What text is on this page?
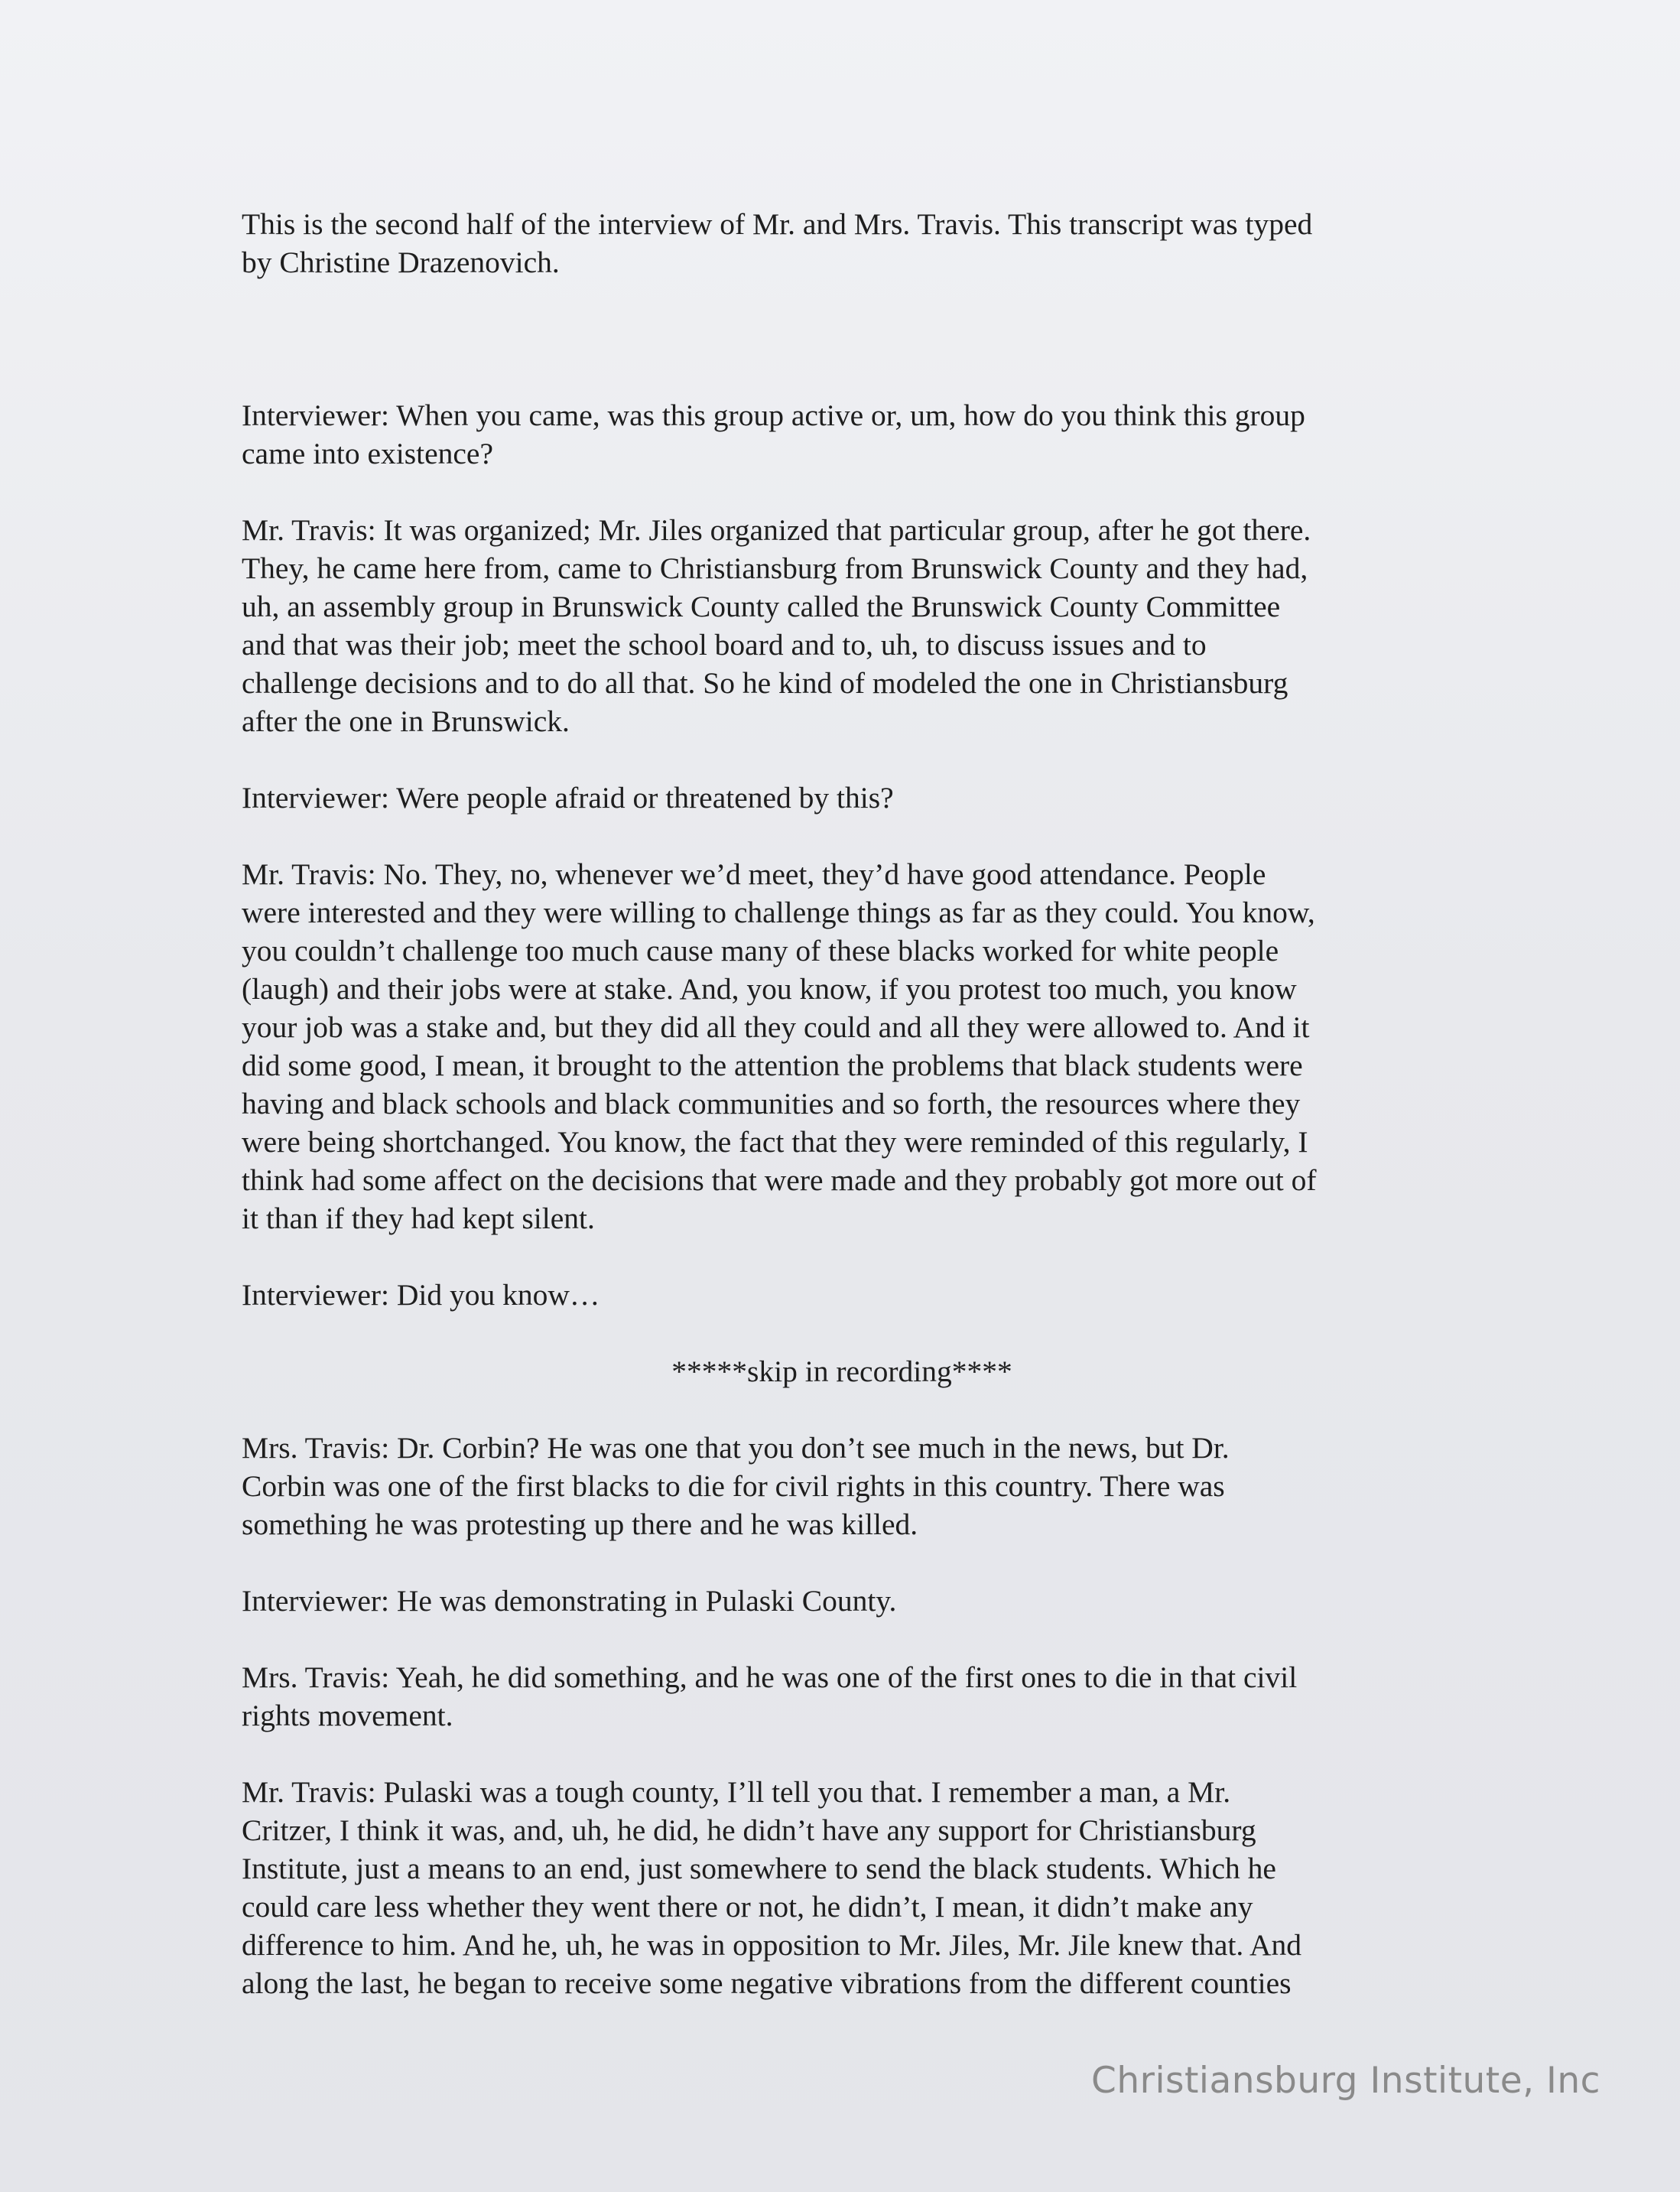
This is the second half of the interview of Mr. and Mrs. Travis. This transcript was typed
by Christine Drazenovich.

Interviewer: When you came, was this group active or, um, how do you think this group
came into existence?

Mr. Travis: It was organized; Mr. Jiles organized that particular group, after he got there.
They, he came here from, came to Christiansburg from Brunswick County and they had,
uh, an assembly group in Brunswick County called the Brunswick County Committee
and that was their job; meet the school board and to, uh, to discuss issues and to
challenge decisions and to do all that. So he kind of modeled the one in Christiansburg
after the one in Brunswick.

Interviewer: Were people afraid or threatened by this?

Mr. Travis: No. They, no, whenever we’d meet, they’d have good attendance. People
were interested and they were willing to challenge things as far as they could. You know,
you couldn’t challenge too much cause many of these blacks worked for white people
(laugh) and their jobs were at stake. And, you know, if you protest too much, you know
your job was a stake and, but they did all they could and all they were allowed to. And it
did some good, I mean, it brought to the attention the problems that black students were
having and black schools and black communities and so forth, the resources where they
were being shortchanged. You know, the fact that they were reminded of this regularly, I
think had some affect on the decisions that were made and they probably got more out of
it than if they had kept silent.

Interviewer: Did you know…

*****skip in recording****

Mrs. Travis: Dr. Corbin? He was one that you don’t see much in the news, but Dr.
Corbin was one of the first blacks to die for civil rights in this country. There was
something he was protesting up there and he was killed.

Interviewer: He was demonstrating in Pulaski County.

Mrs. Travis: Yeah, he did something, and he was one of the first ones to die in that civil
rights movement.

Mr. Travis: Pulaski was a tough county, I’ll tell you that. I remember a man, a Mr.
Critzer, I think it was, and, uh, he did, he didn’t have any support for Christiansburg
Institute, just a means to an end, just somewhere to send the black students. Which he
could care less whether they went there or not, he didn’t, I mean, it didn’t make any
difference to him. And he, uh, he was in opposition to Mr. Jiles, Mr. Jile knew that. And
along the last, he began to receive some negative vibrations from the different counties

Christiansburg Institute, Inc
